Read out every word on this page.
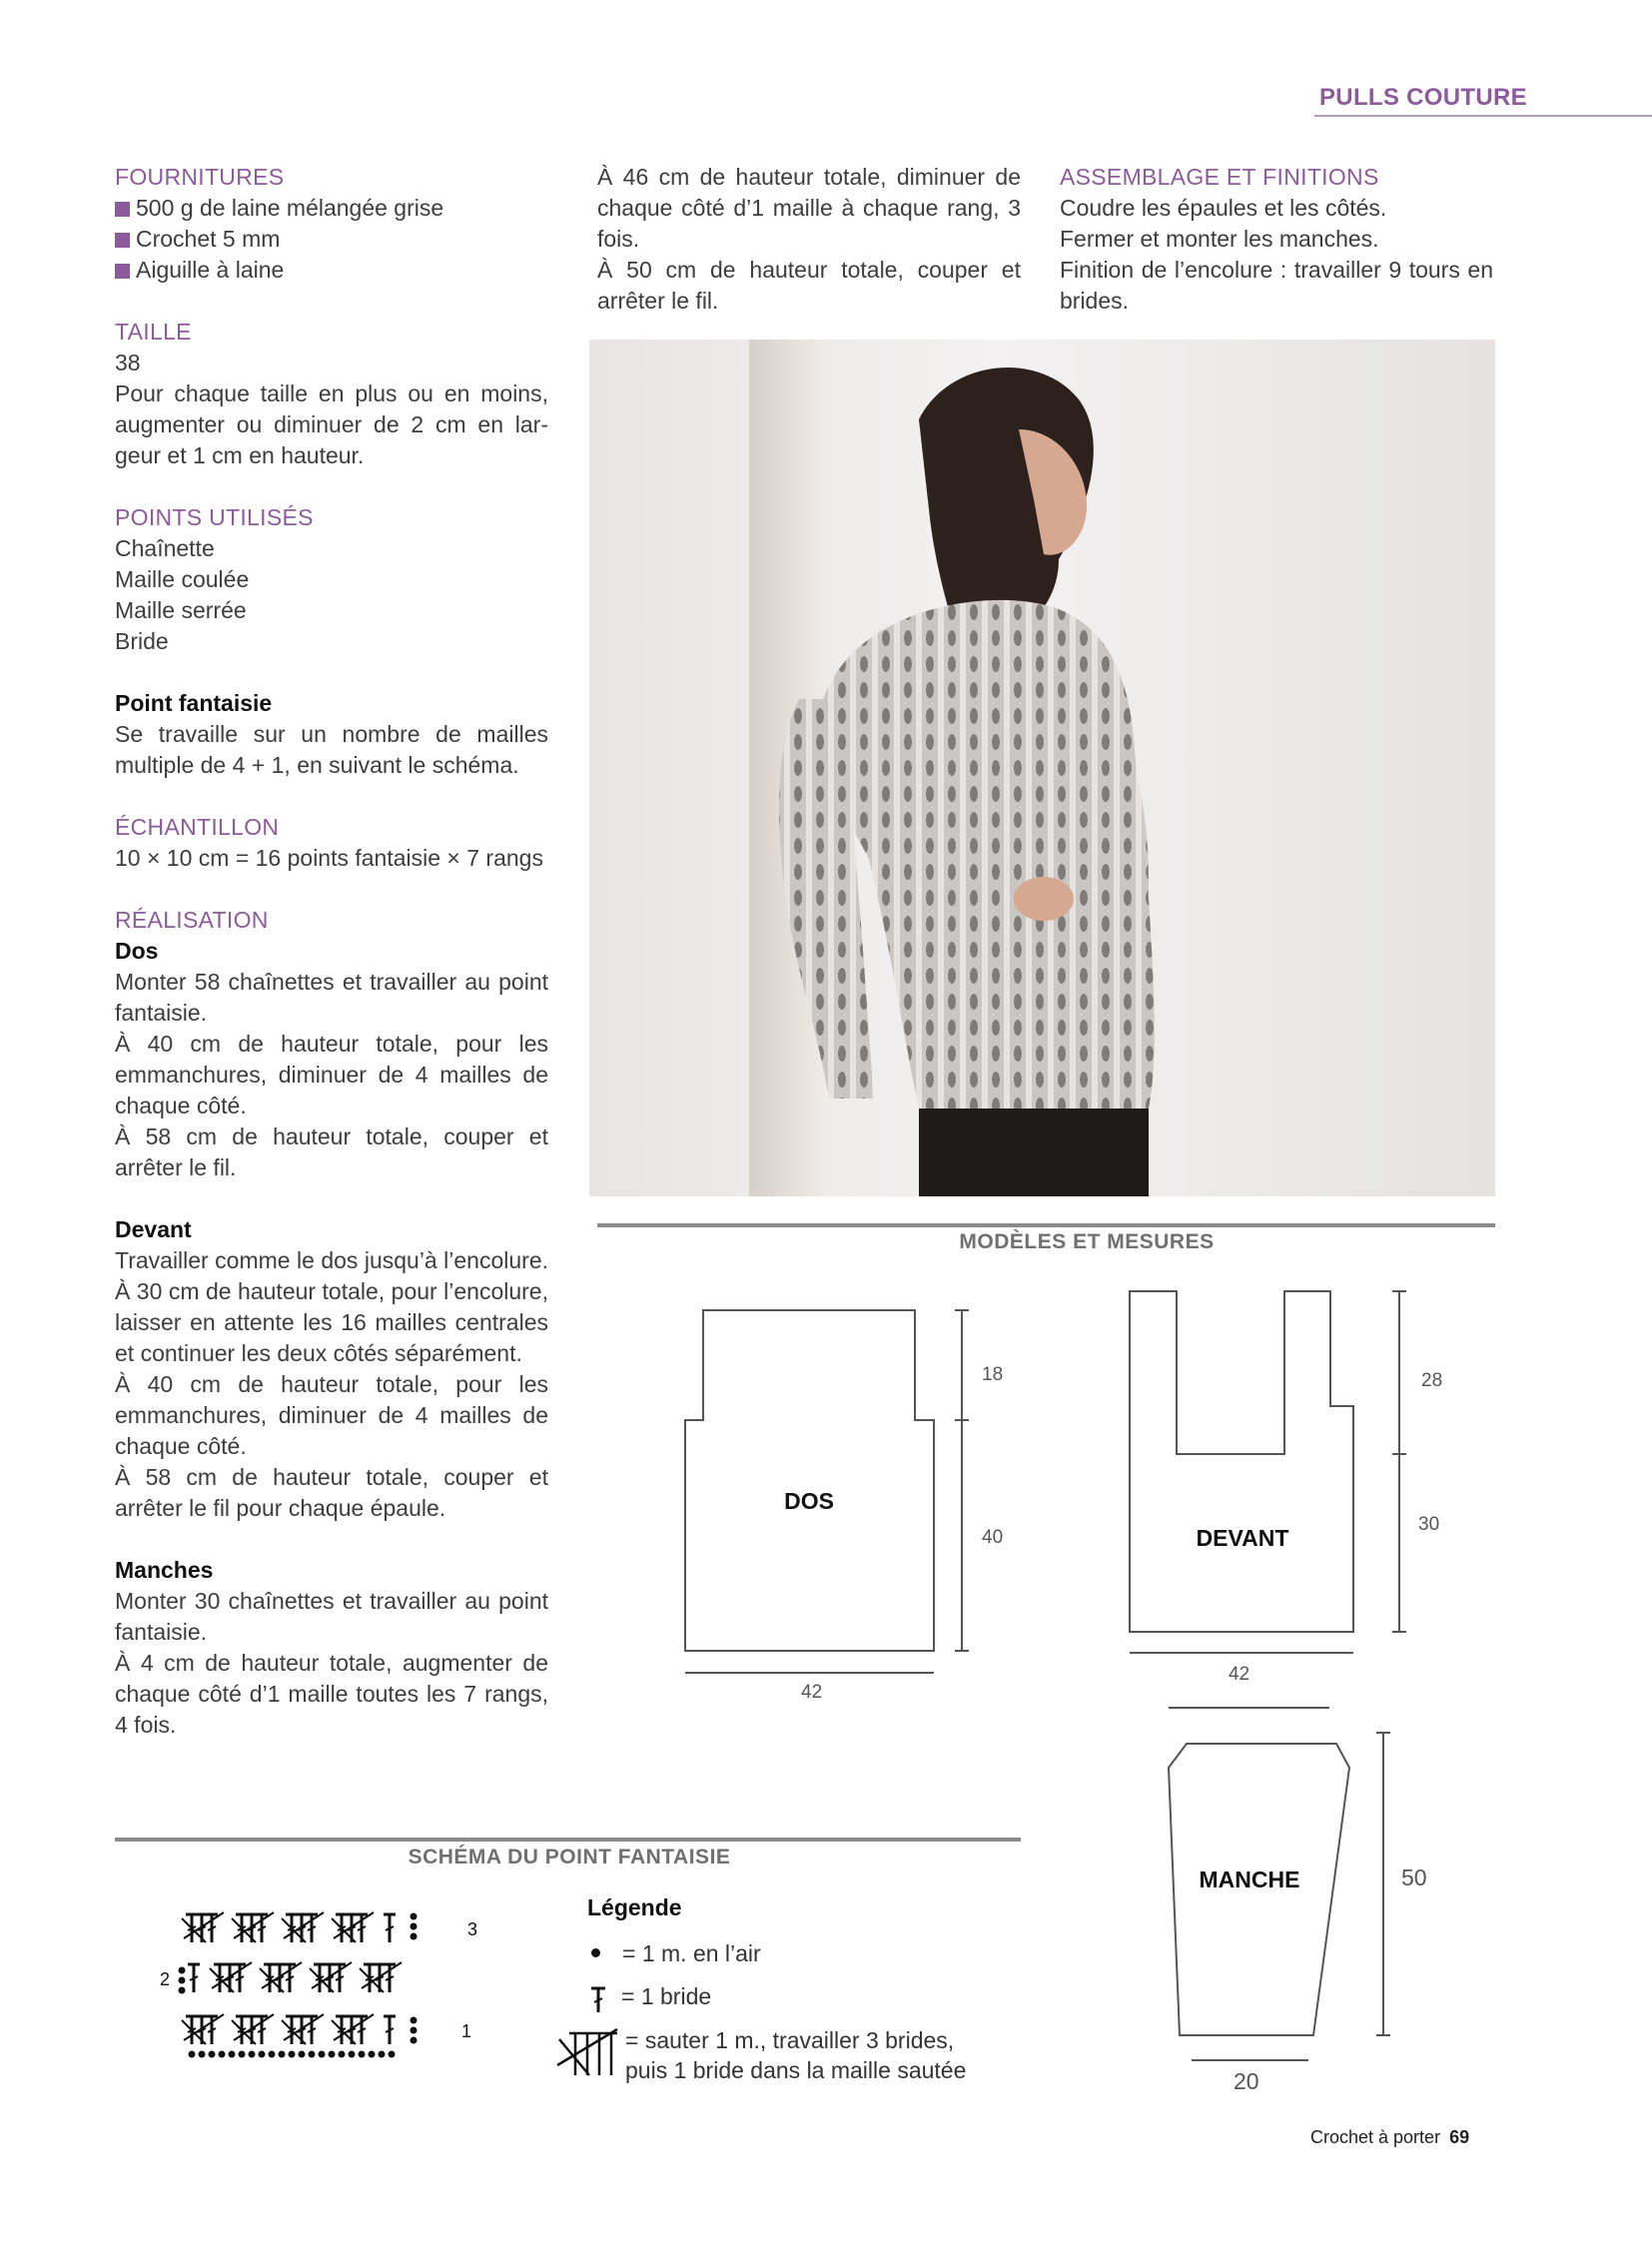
PULLS COUTURE
FOURNITURES
500 g de laine mélangée grise
Crochet 5 mm
Aiguille à laine
TAILLE
38

Pour chaque taille en plus ou en moins, augmenter ou diminuer de 2 cm en largeur et 1 cm en hauteur.

POINTS UTILISÉS
Chaînette
Maille coulée
Maille serrée
Bride
Point fantaisie

Se travaille sur un nombre de mailles multiple de 4 + 1, en suivant le schéma.

ÉCHANTILLON

10 × 10 cm = 16 points fantaisie × 7 rangs

RÉALISATION
Dos

Monter 58 chaînettes et travailler au point fantaisie.

À 40 cm de hauteur totale, pour les emmanchures, diminuer de 4 mailles de chaque côté.

À 58 cm de hauteur totale, couper et arrêter le fil.

Devant

Travailler comme le dos jusqu’à l’encolure.

À 30 cm de hauteur totale, pour l’encolure, laisser en attente les 16 mailles centrales et continuer les deux côtés séparément.

À 40 cm de hauteur totale, pour les emmanchures, diminuer de 4 mailles de chaque côté.

À 58 cm de hauteur totale, couper et arrêter le fil pour chaque épaule.

Manches

Monter 30 chaînettes et travailler au point fantaisie.

À 4 cm de hauteur totale, augmenter de chaque côté d’1 maille toutes les 7 rangs, 4 fois.

À 46 cm de hauteur totale, diminuer de chaque côté d’1 maille à chaque rang, 3 fois.

À 50 cm de hauteur totale, couper et arrêter le fil.

ASSEMBLAGE ET FINITIONS
Coudre les épaules et les côtés.
Fermer et monter les manches.

Finition de l’encolure : travailler 9 tours en brides.

MODÈLES ET MESURES
DOS
DEVANT
MANCHE
18
40
42
28
30
42
50
20
SCHÉMA DU POINT FANTAISIE
3
2
1
Légende
= 1 m. en l’air
= 1 bride
= sauter 1 m., travailler 3 brides,
puis 1 bride dans la maille sautée
Crochet à porter 69
